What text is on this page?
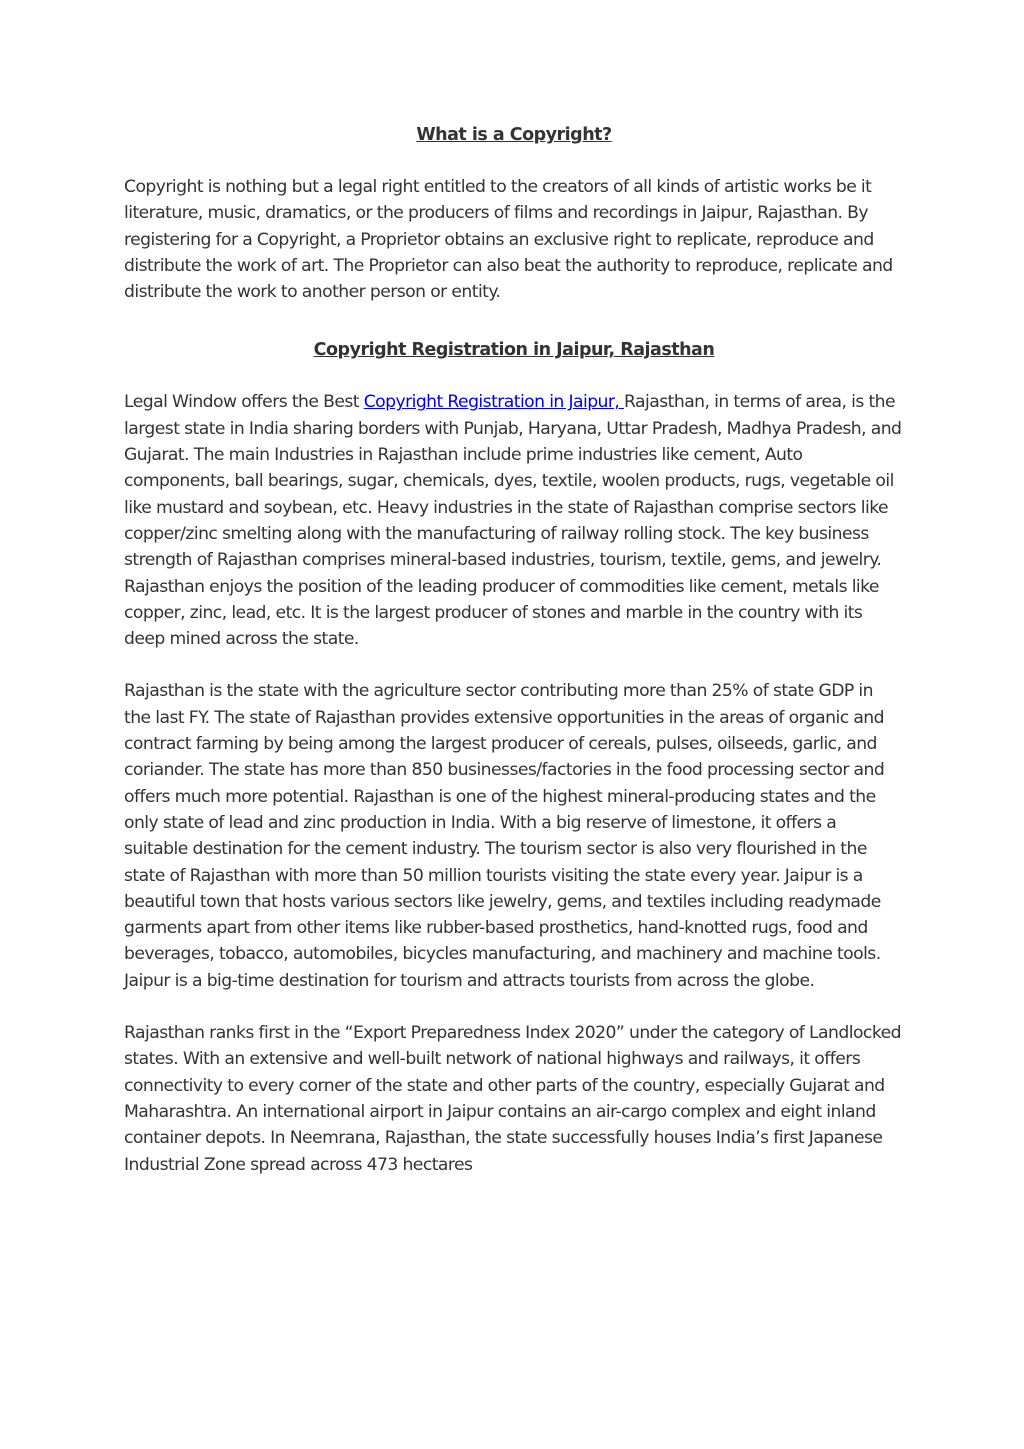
What is a Copyright?

Copyright is nothing but a legal right entitled to the creators of all kinds of artistic works be it literature, music, dramatics, or the producers of films and recordings in Jaipur, Rajasthan. By registering for a Copyright, a Proprietor obtains an exclusive right to replicate, reproduce and distribute the work of art. The Proprietor can also beat the authority to reproduce, replicate and distribute the work to another person or entity.

Copyright Registration in Jaipur, Rajasthan

Legal Window offers the Best Copyright Registration in Jaipur, Rajasthan, in terms of area, is the largest state in India sharing borders with Punjab, Haryana, Uttar Pradesh, Madhya Pradesh, and Gujarat. The main Industries in Rajasthan include prime industries like cement, Auto components, ball bearings, sugar, chemicals, dyes, textile, woolen products, rugs, vegetable oil like mustard and soybean, etc. Heavy industries in the state of Rajasthan comprise sectors like copper/zinc smelting along with the manufacturing of railway rolling stock. The key business strength of Rajasthan comprises mineral-based industries, tourism, textile, gems, and jewelry. Rajasthan enjoys the position of the leading producer of commodities like cement, metals like copper, zinc, lead, etc. It is the largest producer of stones and marble in the country with its deep mined across the state.

Rajasthan is the state with the agriculture sector contributing more than 25% of state GDP in the last FY. The state of Rajasthan provides extensive opportunities in the areas of organic and contract farming by being among the largest producer of cereals, pulses, oilseeds, garlic, and coriander. The state has more than 850 businesses/factories in the food processing sector and offers much more potential. Rajasthan is one of the highest mineral-producing states and the only state of lead and zinc production in India. With a big reserve of limestone, it offers a suitable destination for the cement industry. The tourism sector is also very flourished in the state of Rajasthan with more than 50 million tourists visiting the state every year. Jaipur is a beautiful town that hosts various sectors like jewelry, gems, and textiles including readymade garments apart from other items like rubber-based prosthetics, hand-knotted rugs, food and beverages, tobacco, automobiles, bicycles manufacturing, and machinery and machine tools. Jaipur is a big-time destination for tourism and attracts tourists from across the globe.

Rajasthan ranks first in the “Export Preparedness Index 2020” under the category of Landlocked states. With an extensive and well-built network of national highways and railways, it offers connectivity to every corner of the state and other parts of the country, especially Gujarat and Maharashtra. An international airport in Jaipur contains an air-cargo complex and eight inland container depots. In Neemrana, Rajasthan, the state successfully houses India’s first Japanese Industrial Zone spread across 473 hectares
